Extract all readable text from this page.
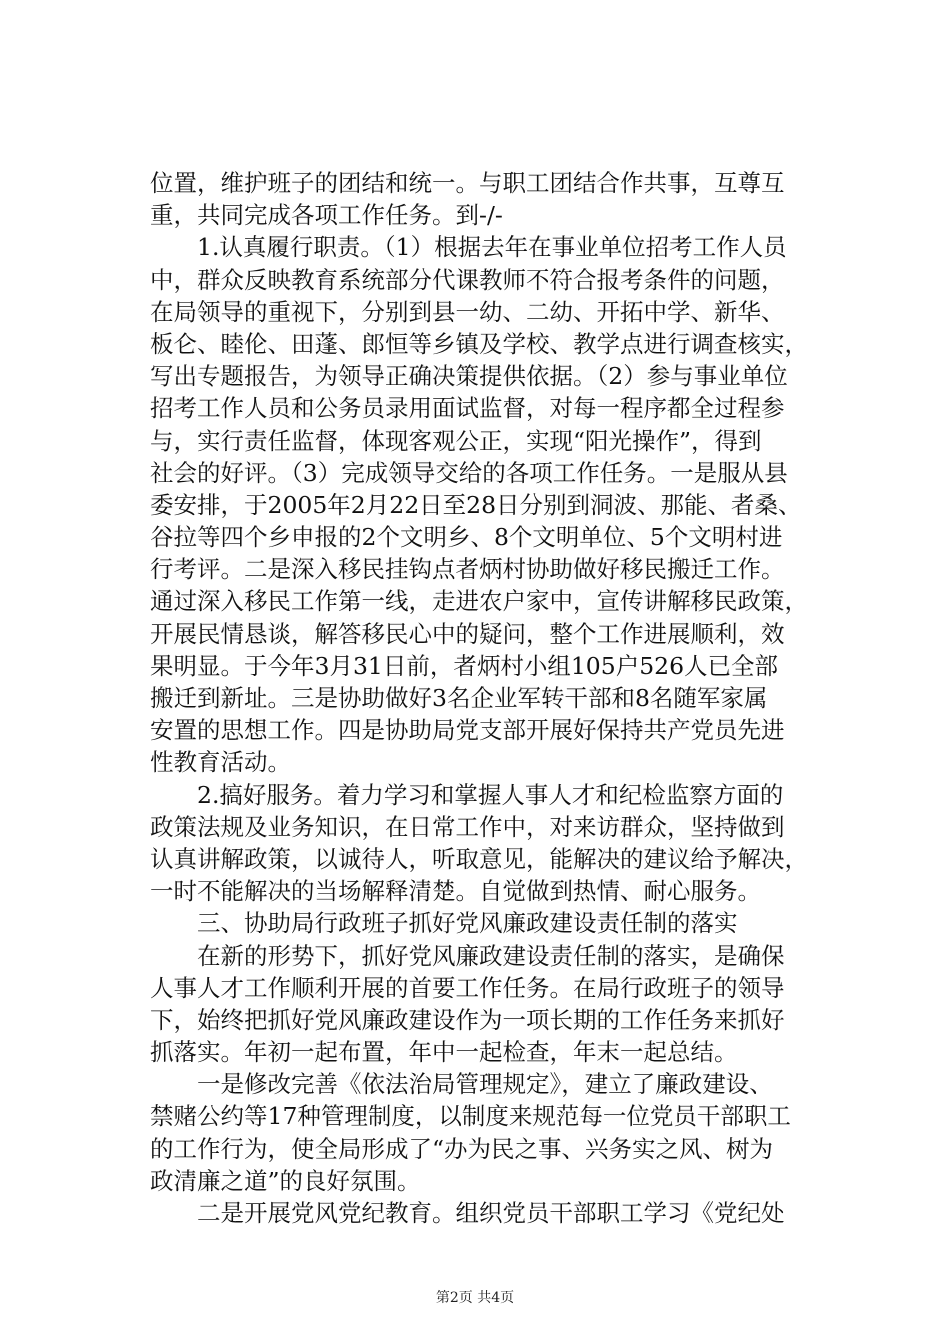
位置，维护班子的团结和统一。与职工团结合作共事，互尊互
重，共同完成各项工作任务。到-/-
　　1.认真履行职责。（1）根据去年在事业单位招考工作人员
中，群众反映教育系统部分代课教师不符合报考条件的问题，
在局领导的重视下，分别到县一幼、二幼、开拓中学、新华、
板仑、睦伦、田蓬、郎恒等乡镇及学校、教学点进行调查核实，
写出专题报告，为领导正确决策提供依据。（2）参与事业单位
招考工作人员和公务员录用面试监督，对每一程序都全过程参
与，实行责任监督，体现客观公正，实现“阳光操作”，得到
社会的好评。（3）完成领导交给的各项工作任务。一是服从县
委安排，于2005年2月22日至28日分别到洞波、那能、者桑、
谷拉等四个乡申报的2个文明乡、8个文明单位、5个文明村进
行考评。二是深入移民挂钩点者炳村协助做好移民搬迁工作。
通过深入移民工作第一线，走进农户家中，宣传讲解移民政策，
开展民情恳谈，解答移民心中的疑问，整个工作进展顺利，效
果明显。于今年3月31日前，者炳村小组105户526人已全部
搬迁到新址。三是协助做好3名企业军转干部和8名随军家属
安置的思想工作。四是协助局党支部开展好保持共产党员先进
性教育活动。
　　2.搞好服务。着力学习和掌握人事人才和纪检监察方面的
政策法规及业务知识，在日常工作中，对来访群众，坚持做到
认真讲解政策，以诚待人，听取意见，能解决的建议给予解决，
一时不能解决的当场解释清楚。自觉做到热情、耐心服务。
　　三、协助局行政班子抓好党风廉政建设责任制的落实
　　在新的形势下，抓好党风廉政建设责任制的落实，是确保
人事人才工作顺利开展的首要工作任务。在局行政班子的领导
下，始终把抓好党风廉政建设作为一项长期的工作任务来抓好
抓落实。年初一起布置，年中一起检查，年末一起总结。
　　一是修改完善《依法治局管理规定》，建立了廉政建设、
禁赌公约等17种管理制度，以制度来规范每一位党员干部职工
的工作行为，使全局形成了“办为民之事、兴务实之风、树为
政清廉之道”的良好氛围。
　　二是开展党风党纪教育。组织党员干部职工学习《党纪处
第2页 共4页
